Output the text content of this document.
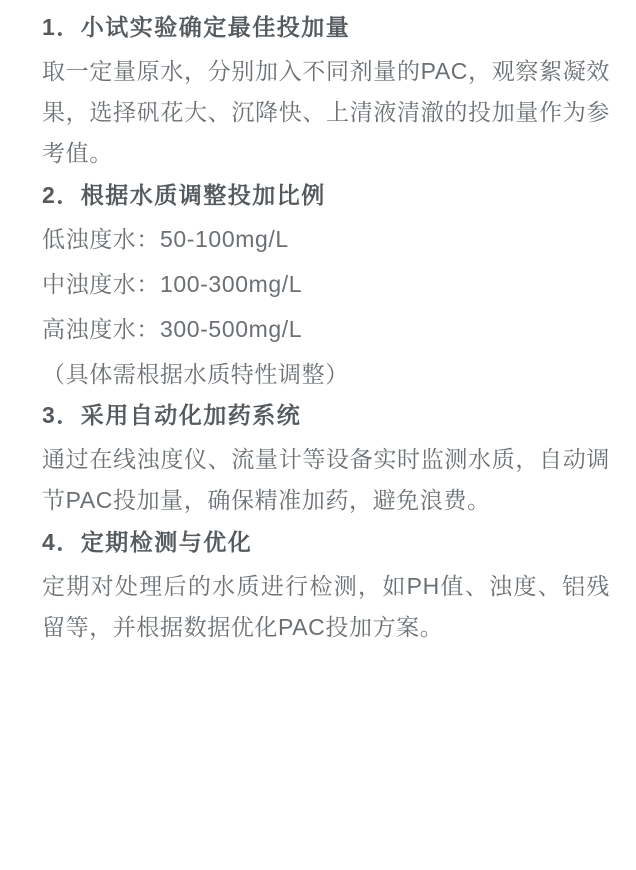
1．小试实验确定最佳投加量
取一定量原水，分别加入不同剂量的PAC，观察絮凝效果，选择矾花大、沉降快、上清液清澈的投加量作为参考值。
2．根据水质调整投加比例
低浊度水：50-100mg/L
中浊度水：100-300mg/L
高浊度水：300-500mg/L
（具体需根据水质特性调整）
3．采用自动化加药系统
通过在线浊度仪、流量计等设备实时监测水质，自动调节PAC投加量，确保精准加药，避免浪费。
4．定期检测与优化
定期对处理后的水质进行检测，如PH值、浊度、铝残留等，并根据数据优化PAC投加方案。
